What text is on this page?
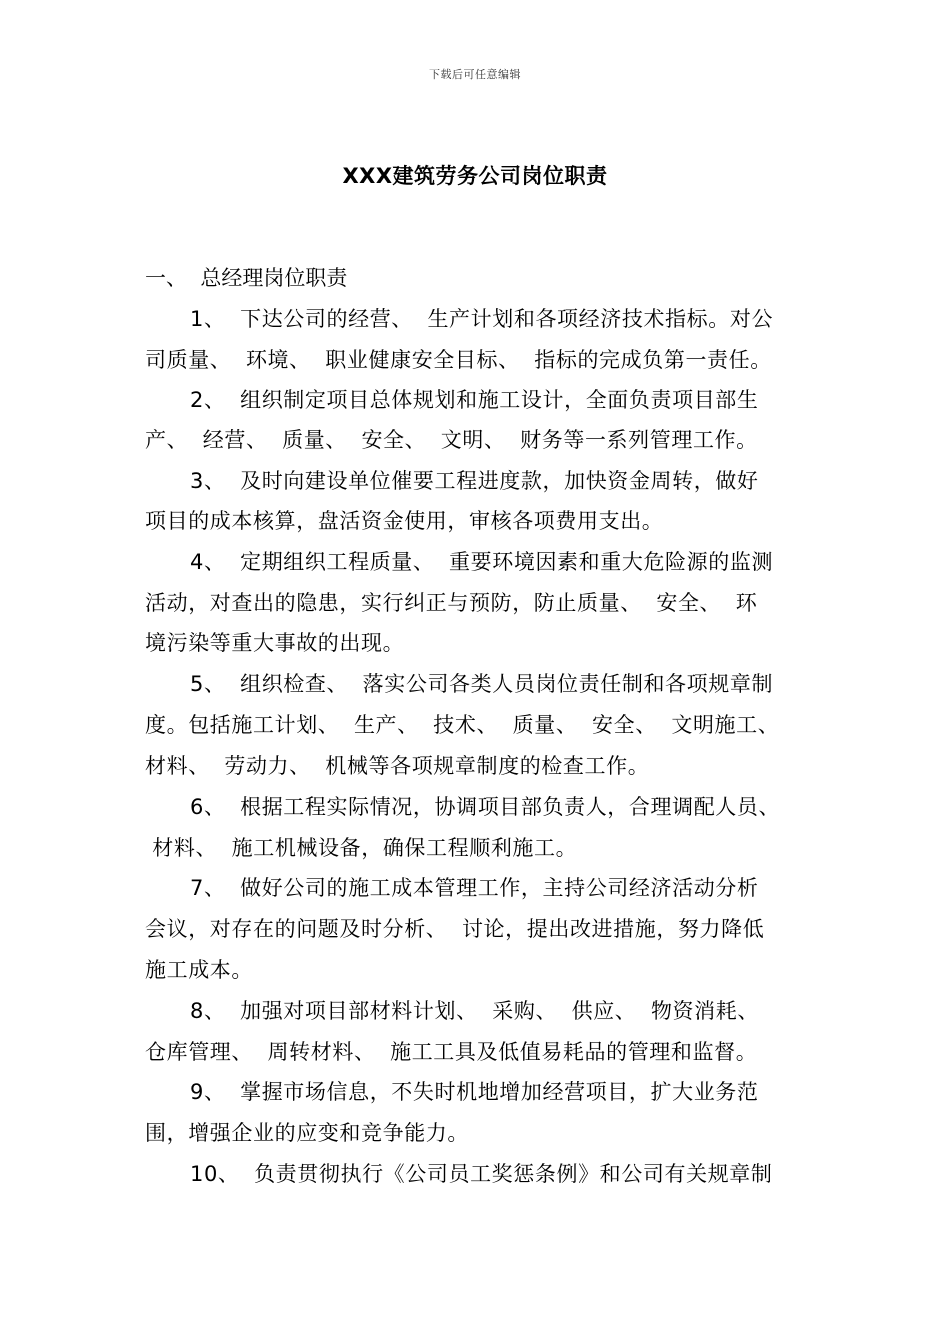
下载后可任意编辑
XXX建筑劳务公司岗位职责
一、  总经理岗位职责
1、  下达公司的经营、  生产计划和各项经济技术指标。对公
司质量、  环境、  职业健康安全目标、  指标的完成负第一责任。
2、  组织制定项目总体规划和施工设计，全面负责项目部生
产、  经营、  质量、  安全、  文明、  财务等一系列管理工作。
3、  及时向建设单位催要工程进度款，加快资金周转，做好
项目的成本核算，盘活资金使用，审核各项费用支出。
4、  定期组织工程质量、  重要环境因素和重大危险源的监测
活动，对查出的隐患，实行纠正与预防，防止质量、  安全、  环
境污染等重大事故的出现。
5、  组织检查、  落实公司各类人员岗位责任制和各项规章制
度。包括施工计划、  生产、  技术、  质量、  安全、  文明施工、
材料、  劳动力、  机械等各项规章制度的检查工作。
6、  根据工程实际情况，协调项目部负责人，合理调配人员、
材料、  施工机械设备，确保工程顺利施工。
7、  做好公司的施工成本管理工作，主持公司经济活动分析
会议，对存在的问题及时分析、  讨论，提出改进措施，努力降低
施工成本。
8、  加强对项目部材料计划、  采购、  供应、  物资消耗、
仓库管理、  周转材料、  施工工具及低值易耗品的管理和监督。
9、  掌握市场信息，不失时机地增加经营项目，扩大业务范
围，增强企业的应变和竞争能力。
10、  负责贯彻执行《公司员工奖惩条例》和公司有关规章制
